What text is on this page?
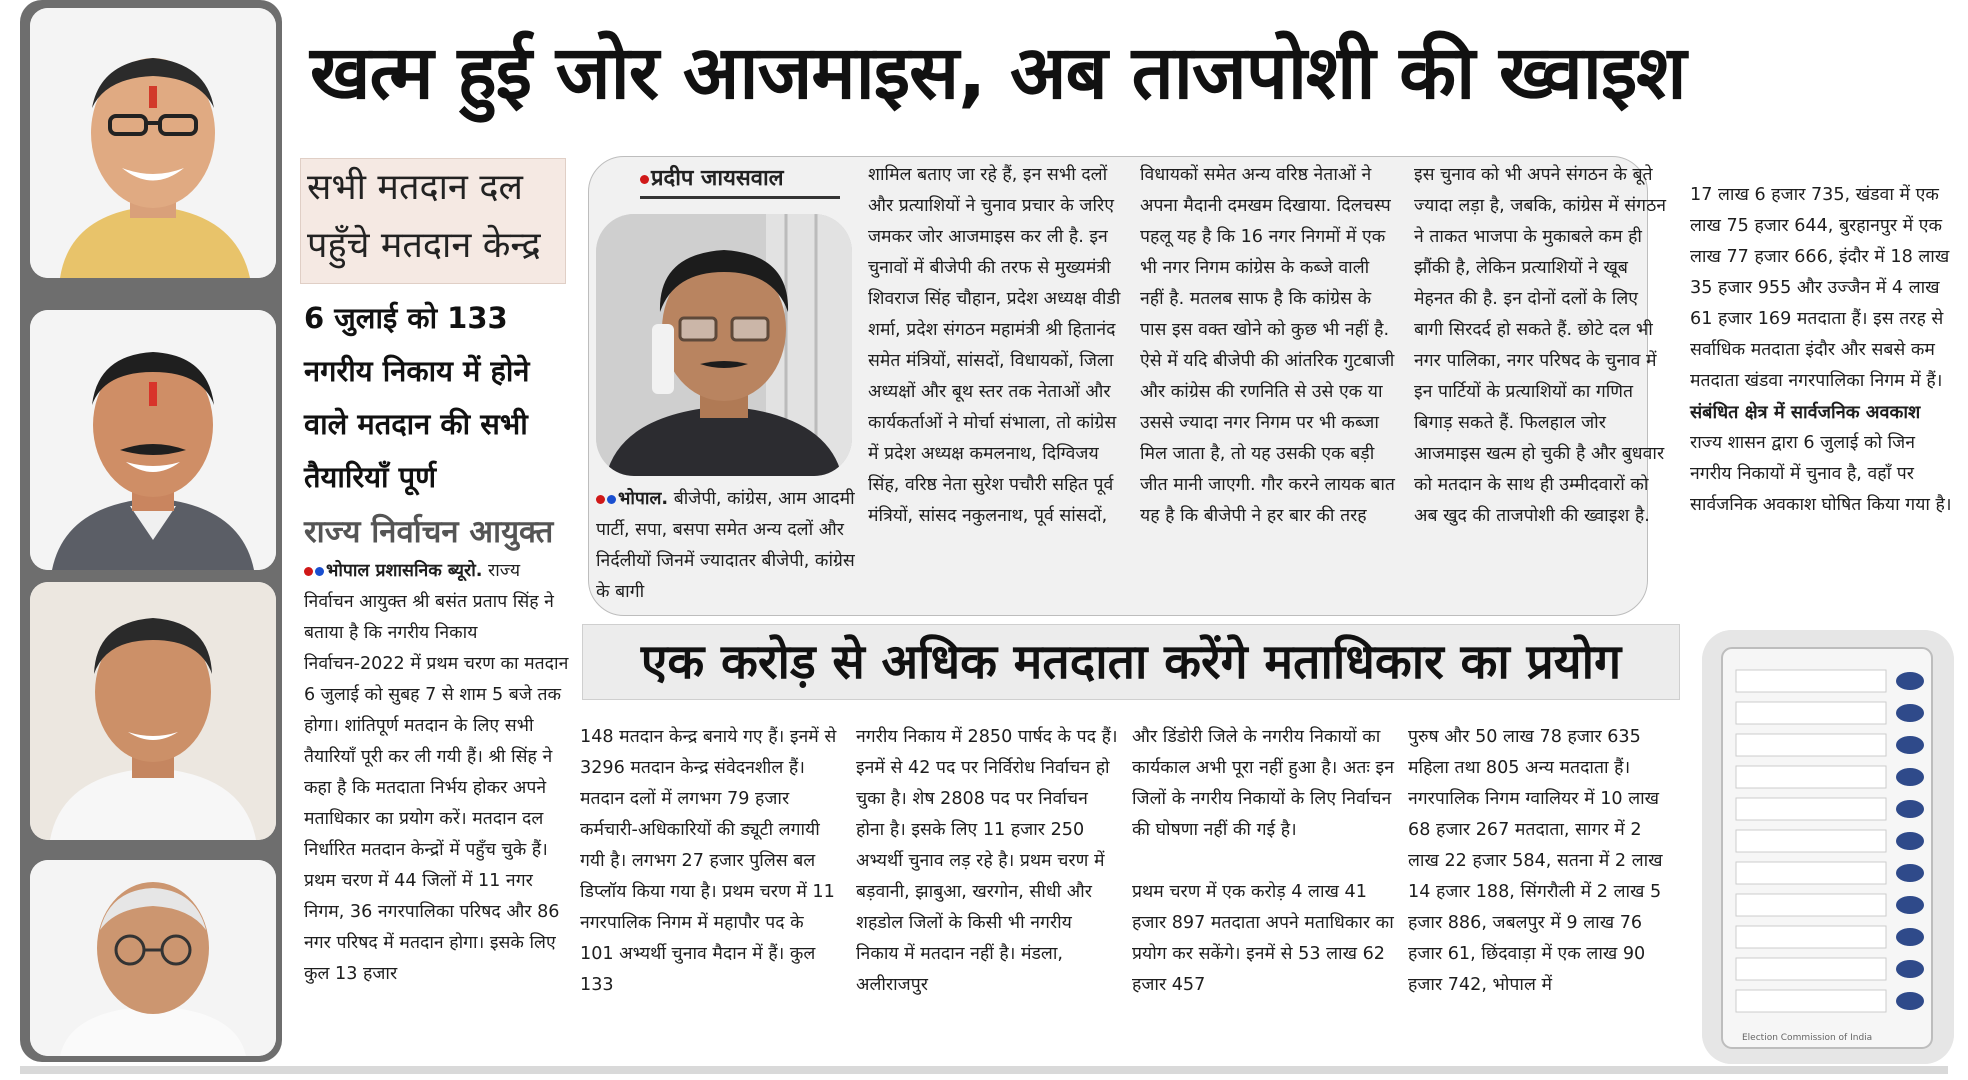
खत्म हुई जोर आजमाइस, अब ताजपोशी की ख्वाइश
सभी मतदान दल
पहुँचे मतदान केन्द्र
6 जुलाई को 133 नगरीय निकाय में होने वाले मतदान की सभी तैयारियाँ पूर्ण
राज्य निर्वाचन आयुक्त

भोपाल प्रशासनिक ब्यूरो. राज्य निर्वाचन आयुक्त श्री बसंत प्रताप सिंह ने बताया है कि नगरीय निकाय निर्वाचन-2022 में प्रथम चरण का मतदान 6 जुलाई को सुबह 7 से शाम 5 बजे तक होगा। शांतिपूर्ण मतदान के लिए सभी तैयारियाँ पूरी कर ली गयी हैं। श्री सिंह ने कहा है कि मतदाता निर्भय होकर अपने मताधिकार का प्रयोग करें। मतदान दल निर्धारित मतदान केन्द्रों में पहुँच चुके हैं।

प्रथम चरण में 44 जिलों में 11 नगर निगम, 36 नगरपालिका परिषद और 86 नगर परिषद में मतदान होगा। इसके लिए कुल 13 हजार

प्रदीप जायसवाल

भोपाल. बीजेपी, कांग्रेस, आम आदमी पार्टी, सपा, बसपा समेत अन्य दलों और निर्दलीयों जिनमें ज्यादातर बीजेपी, कांग्रेस के बागी

शामिल बताए जा रहे हैं, इन सभी दलों और प्रत्याशियों ने चुनाव प्रचार के जरिए जमकर जोर आजमाइस कर ली है. इन चुनावों में बीजेपी की तरफ से मुख्यमंत्री शिवराज सिंह चौहान, प्रदेश अध्यक्ष वीडी शर्मा, प्रदेश संगठन महामंत्री श्री हितानंद समेत मंत्रियों, सांसदों, विधायकों, जिला अध्यक्षों और बूथ स्तर तक नेताओं और कार्यकर्ताओं ने मोर्चा संभाला, तो कांग्रेस में प्रदेश अध्यक्ष कमलनाथ, दिग्विजय सिंह, वरिष्ठ नेता सुरेश पचौरी सहित पूर्व मंत्रियों, सांसद नकुलनाथ, पूर्व सांसदों,
विधायकों समेत अन्य वरिष्ठ नेताओं ने अपना मैदानी दमखम दिखाया. दिलचस्प पहलू यह है कि 16 नगर निगमों में एक भी नगर निगम कांग्रेस के कब्जे वाली नहीं है. मतलब साफ है कि कांग्रेस के पास इस वक्त खोने को कुछ भी नहीं है. ऐसे में यदि बीजेपी की आंतरिक गुटबाजी और कांग्रेस की रणनिति से उसे एक या उससे ज्यादा नगर निगम पर भी कब्जा मिल जाता है, तो यह उसकी एक बड़ी जीत मानी जाएगी. गौर करने लायक बात यह है कि बीजेपी ने हर बार की तरह
इस चुनाव को भी अपने संगठन के बूते ज्यादा लड़ा है, जबकि, कांग्रेस में संगठन ने ताकत भाजपा के मुकाबले कम ही झौंकी है, लेकिन प्रत्याशियों ने खूब मेहनत की है. इन दोनों दलों के लिए बागी सिरदर्द हो सकते हैं. छोटे दल भी नगर पालिका, नगर परिषद के चुनाव में इन पार्टियों के प्रत्याशियों का गणित बिगाड़ सकते हैं. फिलहाल जोर आजमाइस खत्म हो चुकी है और बुधवार को मतदान के साथ ही उम्मीदवारों को अब खुद की ताजपोशी की ख्वाइश है.

17 लाख 6 हजार 735, खंडवा में एक लाख 75 हजार 644, बुरहानपुर में एक लाख 77 हजार 666, इंदौर में 18 लाख 35 हजार 955 और उज्जैन में 4 लाख 61 हजार 169 मतदाता हैं। इस तरह से सर्वाधिक मतदाता इंदौर और सबसे कम मतदाता खंडवा नगरपालिका निगम में हैं।

संबंधित क्षेत्र में सार्वजनिक अवकाश

राज्य शासन द्वारा 6 जुलाई को जिन नगरीय निकायों में चुनाव है, वहाँ पर सार्वजनिक अवकाश घोषित किया गया है।

एक करोड़ से अधिक मतदाता करेंगे मताधिकार का प्रयोग
148 मतदान केन्द्र बनाये गए हैं। इनमें से 3296 मतदान केन्द्र संवेदनशील हैं। मतदान दलों में लगभग 79 हजार कर्मचारी-अधिकारियों की ड्यूटी लगायी गयी है। लगभग 27 हजार पुलिस बल डिप्लॉय किया गया है। प्रथम चरण में 11 नगरपालिक निगम में महापौर पद के 101 अभ्यर्थी चुनाव मैदान में हैं। कुल 133
नगरीय निकाय में 2850 पार्षद के पद हैं। इनमें से 42 पद पर निर्विरोध निर्वाचन हो चुका है। शेष 2808 पद पर निर्वाचन होना है। इसके लिए 11 हजार 250 अभ्यर्थी चुनाव लड़ रहे है। प्रथम चरण में बड़वानी, झाबुआ, खरगोन, सीधी और शहडोल जिलों के किसी भी नगरीय निकाय में मतदान नहीं है। मंडला, अलीराजपुर

और डिंडोरी जिले के नगरीय निकायों का कार्यकाल अभी पूरा नहीं हुआ है। अतः इन जिलों के नगरीय निकायों के लिए निर्वाचन की घोषणा नहीं की गई है।

प्रथम चरण में एक करोड़ 4 लाख 41 हजार 897 मतदाता अपने मताधिकार का प्रयोग कर सकेंगे। इनमें से 53 लाख 62 हजार 457

पुरुष और 50 लाख 78 हजार 635 महिला तथा 805 अन्य मतदाता हैं। नगरपालिक निगम ग्वालियर में 10 लाख 68 हजार 267 मतदाता, सागर में 2 लाख 22 हजार 584, सतना में 2 लाख 14 हजार 188, सिंगरौली में 2 लाख 5 हजार 886, जबलपुर में 9 लाख 76 हजार 61, छिंदवाड़ा में एक लाख 90 हजार 742, भोपाल में
Election Commission of India
